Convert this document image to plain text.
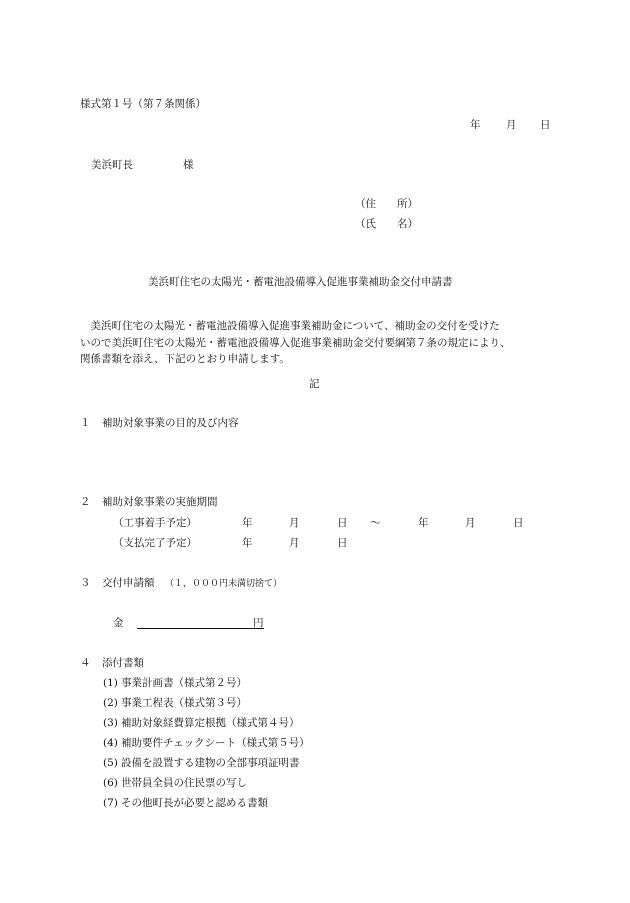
様式第１号（第７条関係）
年 月 日
美浜町長	様
（住　　所）
（氏　　名）
美浜町住宅の太陽光・蓄電池設備導入促進事業補助金交付申請書
　美浜町住宅の太陽光・蓄電池設備導入促進事業補助金について、補助金の交付を受けた
いので美浜町住宅の太陽光・蓄電池設備導入促進事業補助金交付要綱第７条の規定により、
関係書類を添え、下記のとおり申請します。
記
１ 補助対象事業の目的及び内容
２ 補助対象事業の実施期間
（工事着手予定）	年	月	日 ～	年	月	日
（支払完了予定）	年	月	日
３ 交付申請額 （１，０００円未満切捨て）
金	円
４ 添付書類
(1) 事業計画書（様式第２号）
(2) 事業工程表（様式第３号）
(3) 補助対象経費算定根拠（様式第４号）
(4) 補助要件チェックシート（様式第５号）
(5) 設備を設置する建物の全部事項証明書
(6) 世帯員全員の住民票の写し
(7) その他町長が必要と認める書類
